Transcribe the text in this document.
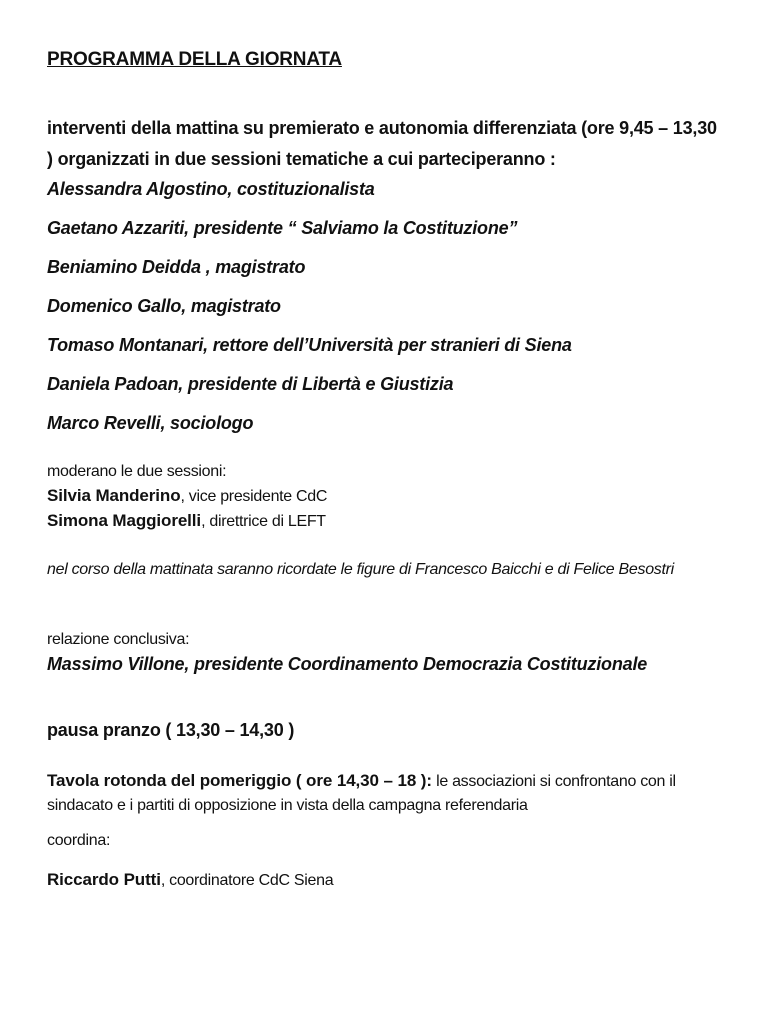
PROGRAMMA DELLA GIORNATA
interventi della mattina su premierato e autonomia differenziata (ore 9,45 – 13,30 ) organizzati in due sessioni tematiche a cui parteciperanno :
Alessandra Algostino, costituzionalista
Gaetano Azzariti, presidente “ Salviamo la Costituzione”
Beniamino Deidda , magistrato
Domenico Gallo, magistrato
Tomaso Montanari, rettore dell’Università per stranieri di Siena
Daniela Padoan, presidente di Libertà e Giustizia
Marco Revelli, sociologo
moderano le due sessioni:
Silvia Manderino, vice presidente CdC
Simona Maggiorelli, direttrice di LEFT
nel corso della mattinata saranno ricordate le figure di Francesco Baicchi e di Felice Besostri
relazione conclusiva:
Massimo Villone, presidente Coordinamento Democrazia Costituzionale
pausa pranzo ( 13,30 – 14,30 )
Tavola rotonda del pomeriggio ( ore 14,30 – 18 ): le associazioni si confrontano con il sindacato e i partiti di opposizione in vista della campagna referendaria
coordina:
Riccardo Putti, coordinatore CdC Siena
